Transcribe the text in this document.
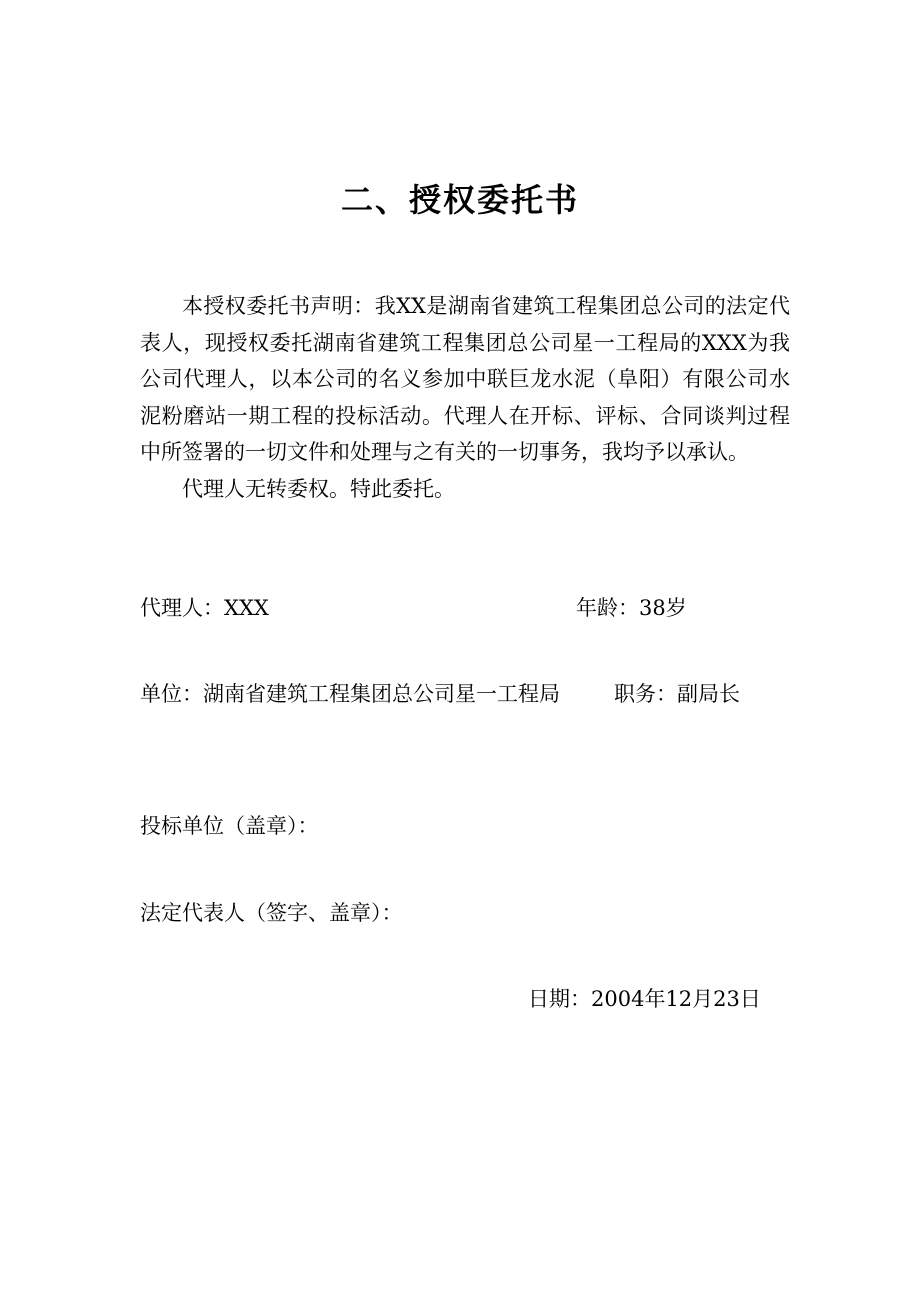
二、授权委托书

本授权委托书声明：我XX是湖南省建筑工程集团总公司的法定代表人，现授权委托湖南省建筑工程集团总公司星一工程局的XXX为我公司代理人，以本公司的名义参加中联巨龙水泥（阜阳）有限公司水泥粉磨站一期工程的投标活动。代理人在开标、评标、合同谈判过程中所签署的一切文件和处理与之有关的一切事务，我均予以承认。

代理人无转委权。特此委托。

代理人：XXX	年龄：38岁
单位：湖南省建筑工程集团总公司星一工程局	职务：副局长
投标单位（盖章）：
法定代表人（签字、盖章）：
日期：2004年12月23日
